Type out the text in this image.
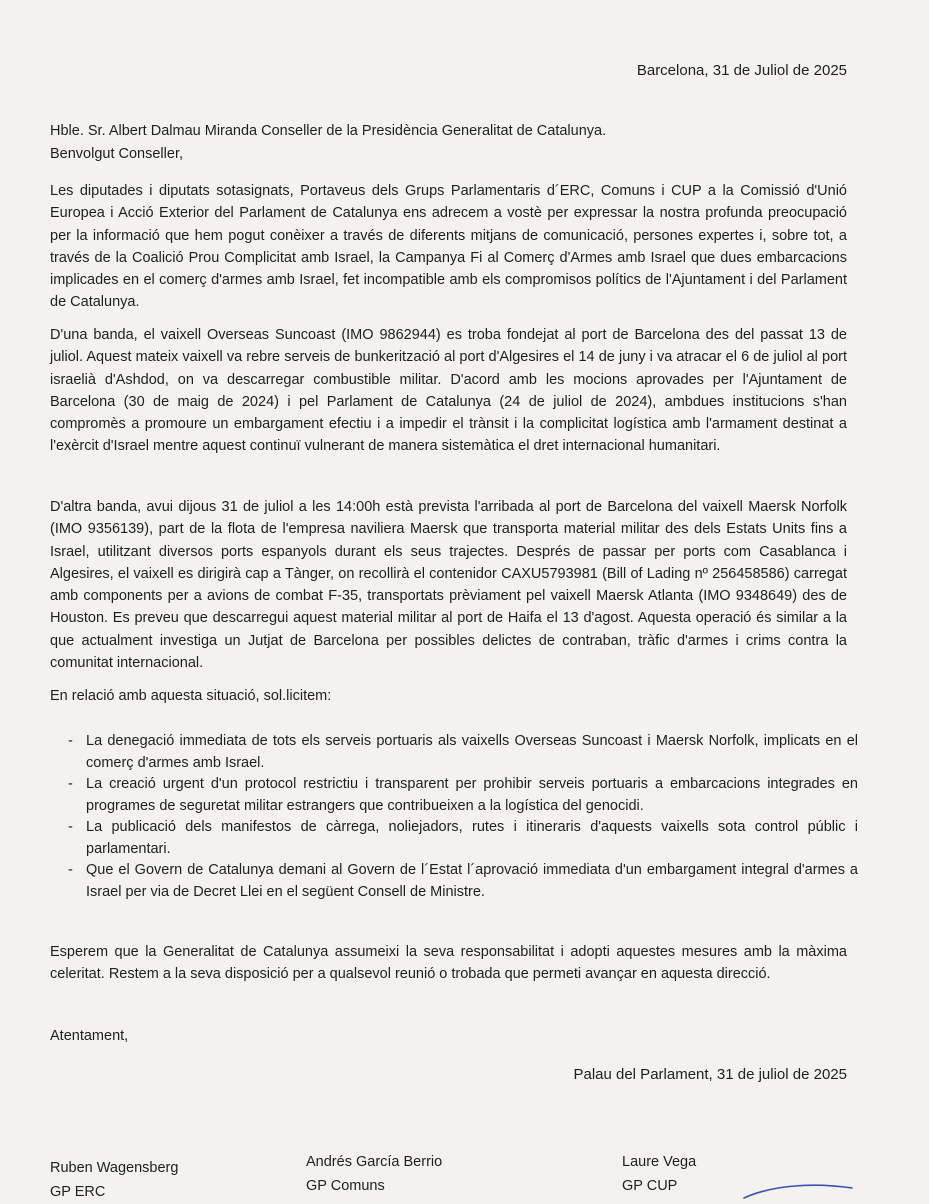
Barcelona, 31 de Juliol de 2025

Hble. Sr. Albert Dalmau Miranda Conseller de la Presidència Generalitat de Catalunya.
Benvolgut Conseller,

Les diputades i diputats sotasignats, Portaveus dels Grups Parlamentaris d´ERC, Comuns i CUP a la Comissió d'Unió Europea i Acció Exterior del Parlament de Catalunya ens adrecem a vostè per expressar la nostra profunda preocupació per la informació que hem pogut conèixer a través de diferents mitjans de comunicació, persones expertes i, sobre tot, a través de la Coalició Prou Complicitat amb Israel, la Campanya Fi al Comerç d'Armes amb Israel que dues embarcacions implicades en el comerç d'armes amb Israel, fet incompatible amb els compromisos polítics de l'Ajuntament i del Parlament de Catalunya.

D'una banda, el vaixell Overseas Suncoast (IMO 9862944) es troba fondejat al port de Barcelona des del passat 13 de juliol. Aquest mateix vaixell va rebre serveis de bunkerització al port d'Algesires el 14 de juny i va atracar el 6 de juliol al port israelià d'Ashdod, on va descarregar combustible militar. D'acord amb les mocions aprovades per l'Ajuntament de Barcelona (30 de maig de 2024) i pel Parlament de Catalunya (24 de juliol de 2024), ambdues institucions s'han compromès a promoure un embargament efectiu i a impedir el trànsit i la complicitat logística amb l'armament destinat a l'exèrcit d'Israel mentre aquest continuï vulnerant de manera sistemàtica el dret internacional humanitari.

D'altra banda, avui dijous 31 de juliol a les 14:00h està prevista l'arribada al port de Barcelona del vaixell Maersk Norfolk (IMO 9356139), part de la flota de l'empresa naviliera Maersk que transporta material militar des dels Estats Units fins a Israel, utilitzant diversos ports espanyols durant els seus trajectes. Després de passar per ports com Casablanca i Algesires, el vaixell es dirigirà cap a Tànger, on recollirà el contenidor CAXU5793981 (Bill of Lading nº 256458586) carregat amb components per a avions de combat F-35, transportats prèviament pel vaixell Maersk Atlanta (IMO 9348649) des de Houston. Es preveu que descarregui aquest material militar al port de Haifa el 13 d'agost. Aquesta operació és similar a la que actualment investiga un Jutjat de Barcelona per possibles delictes de contraban, tràfic d'armes i crims contra la comunitat internacional.

En relació amb aquesta situació, sol.licitem:

- La denegació immediata de tots els serveis portuaris als vaixells Overseas Suncoast i Maersk Norfolk, implicats en el comerç d'armes amb Israel.
- La creació urgent d'un protocol restrictiu i transparent per prohibir serveis portuaris a embarcacions integrades en programes de seguretat militar estrangers que contribueixen a la logística del genocidi.
- La publicació dels manifestos de càrrega, noliejadors, rutes i itineraris d'aquests vaixells sota control públic i parlamentari.
- Que el Govern de Catalunya demani al Govern de l´Estat l´aprovació immediata d'un embargament integral d'armes a Israel per via de Decret Llei en el següent Consell de Ministre.

Esperem que la Generalitat de Catalunya assumeixi la seva responsabilitat i adopti aquestes mesures amb la màxima celeritat. Restem a la seva disposició per a qualsevol reunió o trobada que permeti avançar en aquesta direcció.

Atentament,

Palau del Parlament, 31 de juliol de 2025

Ruben Wagensberg
GP ERC
Andrés García Berrio
GP Comuns
Laure Vega
GP CUP
